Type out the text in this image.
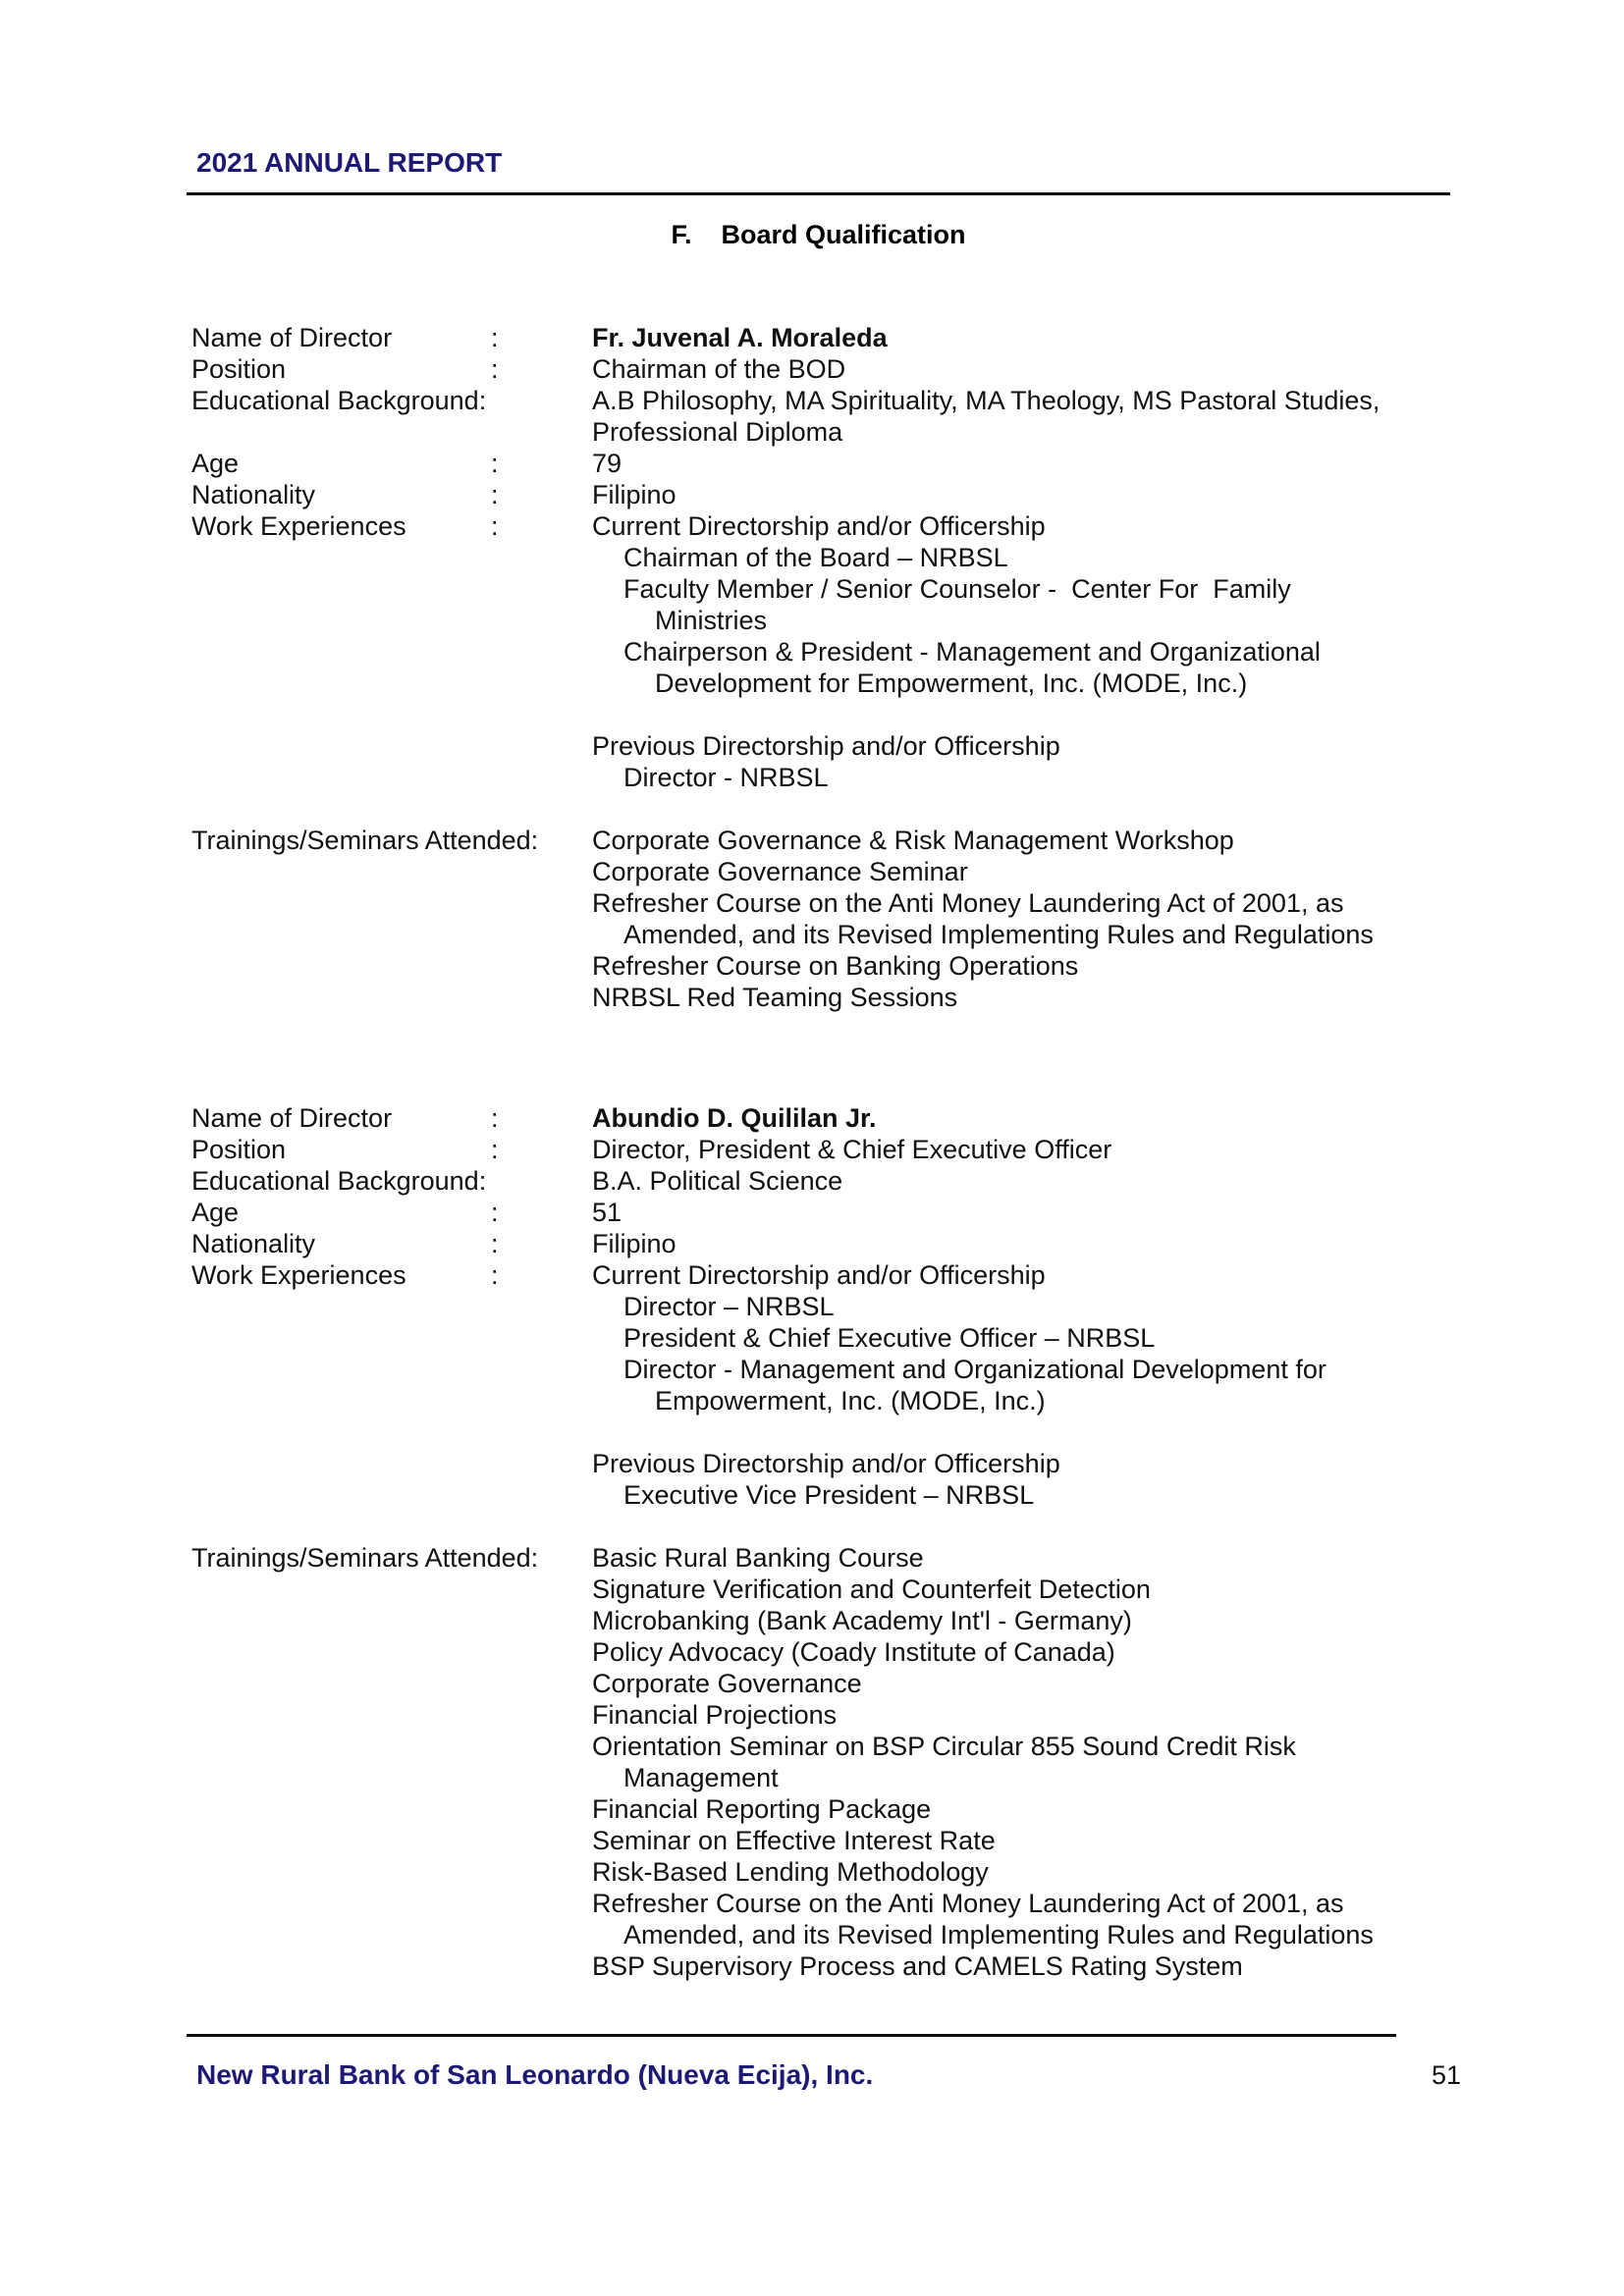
2021 ANNUAL REPORT
F. Board Qualification
Name of Director	:	Fr. Juvenal A. Moraleda
Position	:	Chairman of the BOD
Educational Background:	A.B Philosophy, MA Spirituality, MA Theology, MS Pastoral Studies,
Professional Diploma
Age	:	79
Nationality	:	Filipino
Work Experiences	:	Current Directorship and/or Officership
Chairman of the Board – NRBSL
Faculty Member / Senior Counselor -  Center For  Family
Ministries
Chairperson & President - Management and Organizational
Development for Empowerment, Inc. (MODE, Inc.)
Previous Directorship and/or Officership
Director - NRBSL
Trainings/Seminars Attended: Corporate Governance & Risk Management Workshop
Corporate Governance Seminar
Refresher Course on the Anti Money Laundering Act of 2001, as
Amended, and its Revised Implementing Rules and Regulations
Refresher Course on Banking Operations
NRBSL Red Teaming Sessions
Name of Director	:	Abundio D. Quililan Jr.
Position	:	Director, President & Chief Executive Officer
Educational Background:	B.A. Political Science
Age	:	51
Nationality	:	Filipino
Work Experiences	:	Current Directorship and/or Officership
Director – NRBSL
President & Chief Executive Officer – NRBSL
Director - Management and Organizational Development for
Empowerment, Inc. (MODE, Inc.)
Previous Directorship and/or Officership
Executive Vice President – NRBSL
Trainings/Seminars Attended: Basic Rural Banking Course
Signature Verification and Counterfeit Detection
Microbanking (Bank Academy Int'l - Germany)
Policy Advocacy (Coady Institute of Canada)
Corporate Governance
Financial Projections
Orientation Seminar on BSP Circular 855 Sound Credit Risk
Management
Financial Reporting Package
Seminar on Effective Interest Rate
Risk-Based Lending Methodology
Refresher Course on the Anti Money Laundering Act of 2001, as
Amended, and its Revised Implementing Rules and Regulations
BSP Supervisory Process and CAMELS Rating System
New Rural Bank of San Leonardo (Nueva Ecija), Inc.	51
